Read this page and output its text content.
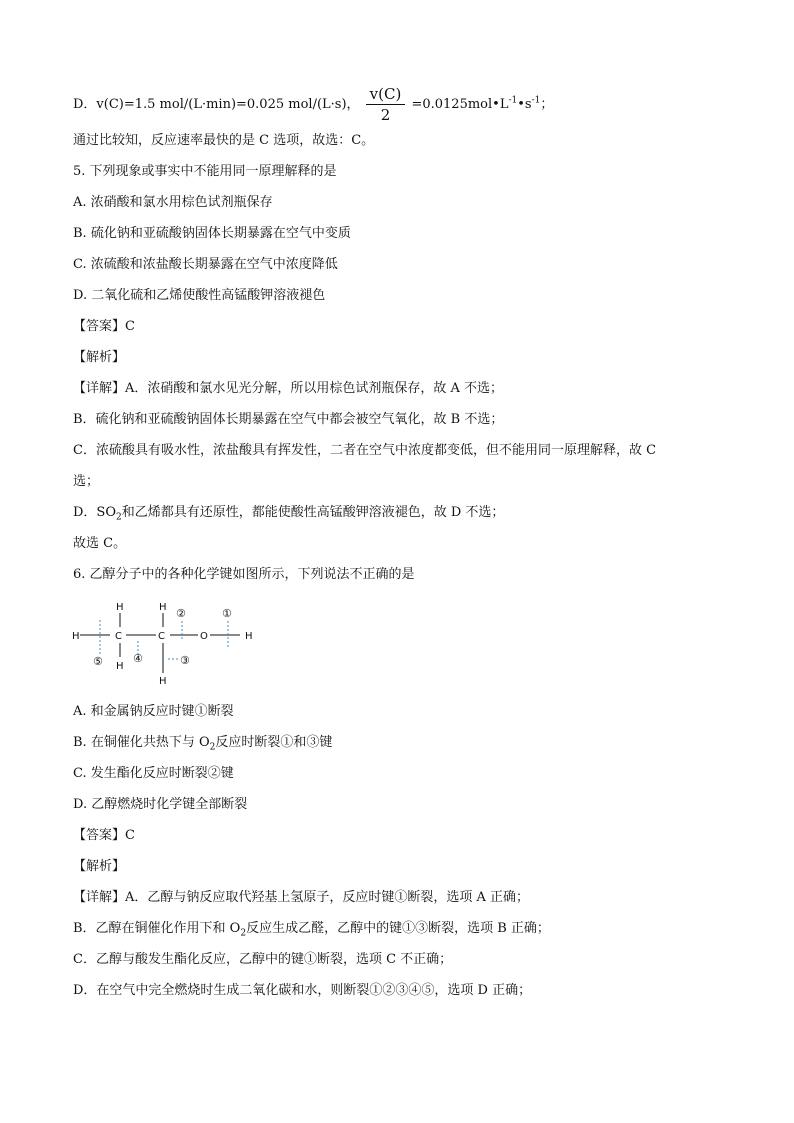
D．v(C)=1.5 mol/(L·min)=0.025 mol/(L·s)， $\frac{v(C)}{2}$ $=0.0125mol•L^{-1}•s^{-1}$；
通过比较知，反应速率最快的是 C 选项，故选：C。
5. 下列现象或事实中不能用同一原理解释的是
A. 浓硝酸和氯水用棕色试剂瓶保存
B. 硫化钠和亚硫酸钠固体长期暴露在空气中变质
C. 浓硫酸和浓盐酸长期暴露在空气中浓度降低
D. 二氧化硫和乙烯使酸性高锰酸钾溶液褪色
【答案】C
【解析】
【详解】A．浓硝酸和氯水见光分解，所以用棕色试剂瓶保存，故 A 不选；
B．硫化钠和亚硫酸钠固体长期暴露在空气中都会被空气氧化，故 B 不选；
C．浓硫酸具有吸水性，浓盐酸具有挥发性，二者在空气中浓度都变低，但不能用同一原理解释，故 C
选；
D．$SO_2$和乙烯都具有还原性，都能使酸性高锰酸钾溶液褪色，故 D 不选；
故选 C。
6. 乙醇分子中的各种化学键如图所示，下列说法不正确的是
H	C
H
H
C
H
H
O	H
⑤	④	③
②	①
A. 和金属钠反应时键①断裂
B. 在铜催化共热下与 $O_2$反应时断裂①和③键
C. 发生酯化反应时断裂②键
D. 乙醇燃烧时化学键全部断裂
【答案】C
【解析】
【详解】A．乙醇与钠反应取代羟基上氢原子，反应时键①断裂，选项 A 正确；
B．乙醇在铜催化作用下和 $O_2$反应生成乙醛，乙醇中的键①③断裂，选项 B 正确；
C．乙醇与酸发生酯化反应，乙醇中的键①断裂，选项 C 不正确；
D．在空气中完全燃烧时生成二氧化碳和水，则断裂①②③④⑤，选项 D 正确；
